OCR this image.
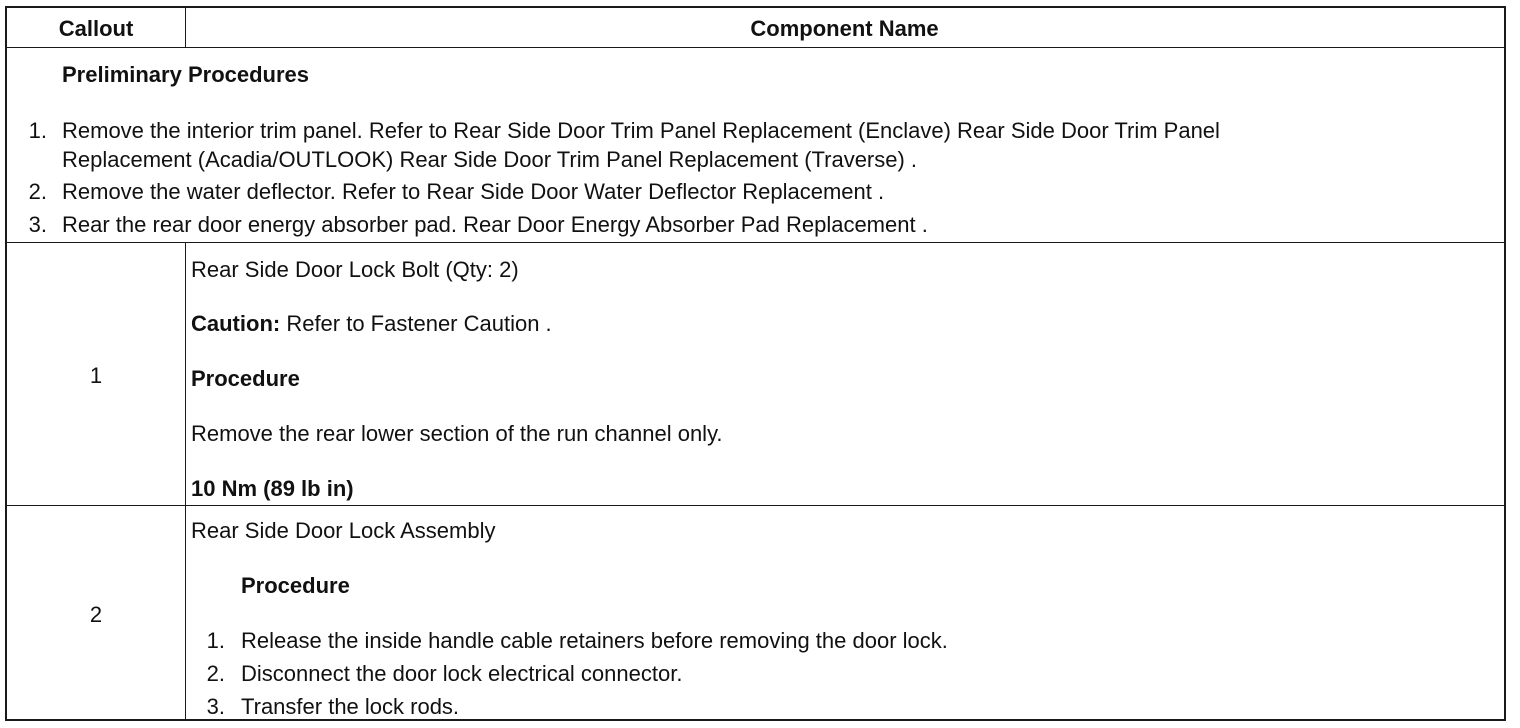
Callout	Component Name
Preliminary Procedures
1. Remove the interior trim panel. Refer to Rear Side Door Trim Panel Replacement (Enclave) Rear Side Door Trim Panel
Replacement (Acadia/OUTLOOK) Rear Side Door Trim Panel Replacement (Traverse) .
2. Remove the water deflector. Refer to Rear Side Door Water Deflector Replacement .
3. Rear the rear door energy absorber pad. Rear Door Energy Absorber Pad Replacement .
1
Rear Side Door Lock Bolt (Qty: 2)
Caution: Refer to Fastener Caution .
Procedure
Remove the rear lower section of the run channel only.
10 Nm (89 lb in)
2
Rear Side Door Lock Assembly
Procedure
1. Release the inside handle cable retainers before removing the door lock.
2. Disconnect the door lock electrical connector.
3. Transfer the lock rods.
